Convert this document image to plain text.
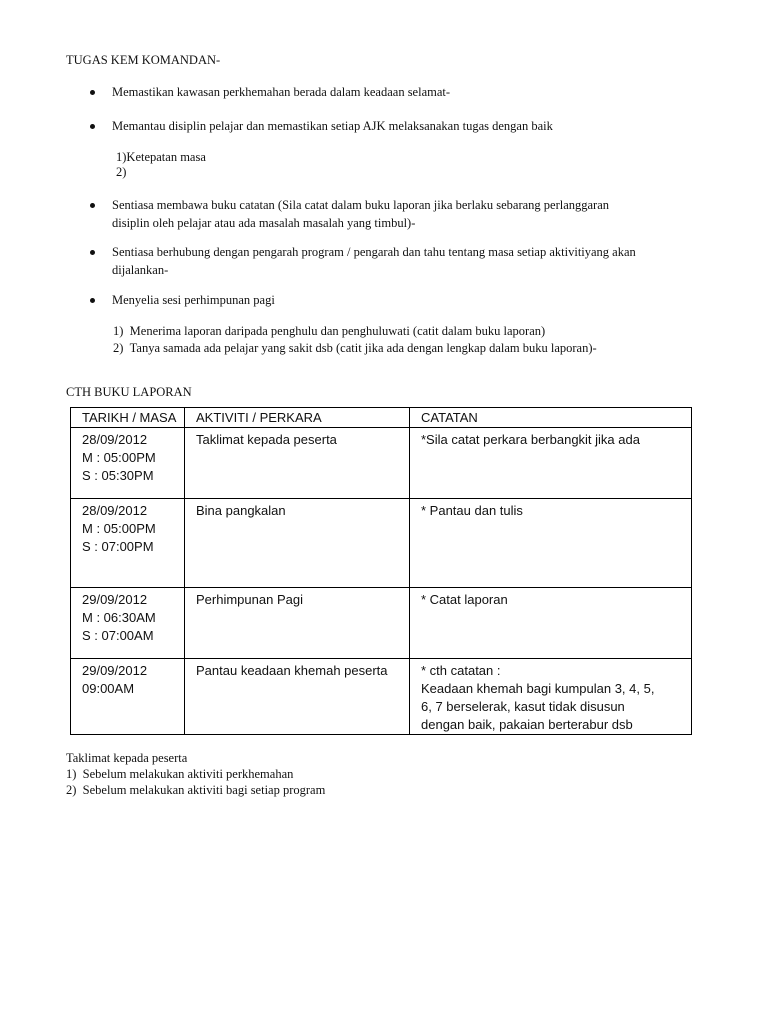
TUGAS KEM KOMANDAN-
Memastikan kawasan perkhemahan berada dalam keadaan selamat-
Memantau disiplin pelajar dan memastikan setiap AJK melaksanakan tugas dengan baik
1)Ketepatan masa
2)
Sentiasa membawa buku catatan (Sila catat dalam buku laporan jika berlaku sebarang perlanggaran
disiplin oleh pelajar atau ada masalah masalah yang timbul)-
Sentiasa berhubung dengan pengarah program / pengarah dan tahu tentang masa setiap aktivitiyang akan
dijalankan-
Menyelia sesi perhimpunan pagi
1) Menerima laporan daripada penghulu dan penghuluwati (catit dalam buku laporan)
2) Tanya samada ada pelajar yang sakit dsb (catit jika ada dengan lengkap dalam buku laporan)-
CTH BUKU LAPORAN
TARIKH / MASA	AKTIVITI / PERKARA	CATATAN

28/09/2012
M : 05:00PM
S : 05:30PM	Taklimat kepada peserta	*Sila catat perkara berbangkit jika ada

28/09/2012
M : 05:00PM
S : 07:00PM	Bina pangkalan	* Pantau dan tulis

29/09/2012
M : 06:30AM
S : 07:00AM	Perhimpunan Pagi	* Catat laporan

29/09/2012
09:00AM	Pantau keadaan khemah peserta	* cth catatan :
Keadaan khemah bagi kumpulan 3, 4, 5,
6, 7 berselerak, kasut tidak disusun
dengan baik, pakaian berterabur dsb
Taklimat kepada peserta
1) Sebelum melakukan aktiviti perkhemahan
2) Sebelum melakukan aktiviti bagi setiap program
